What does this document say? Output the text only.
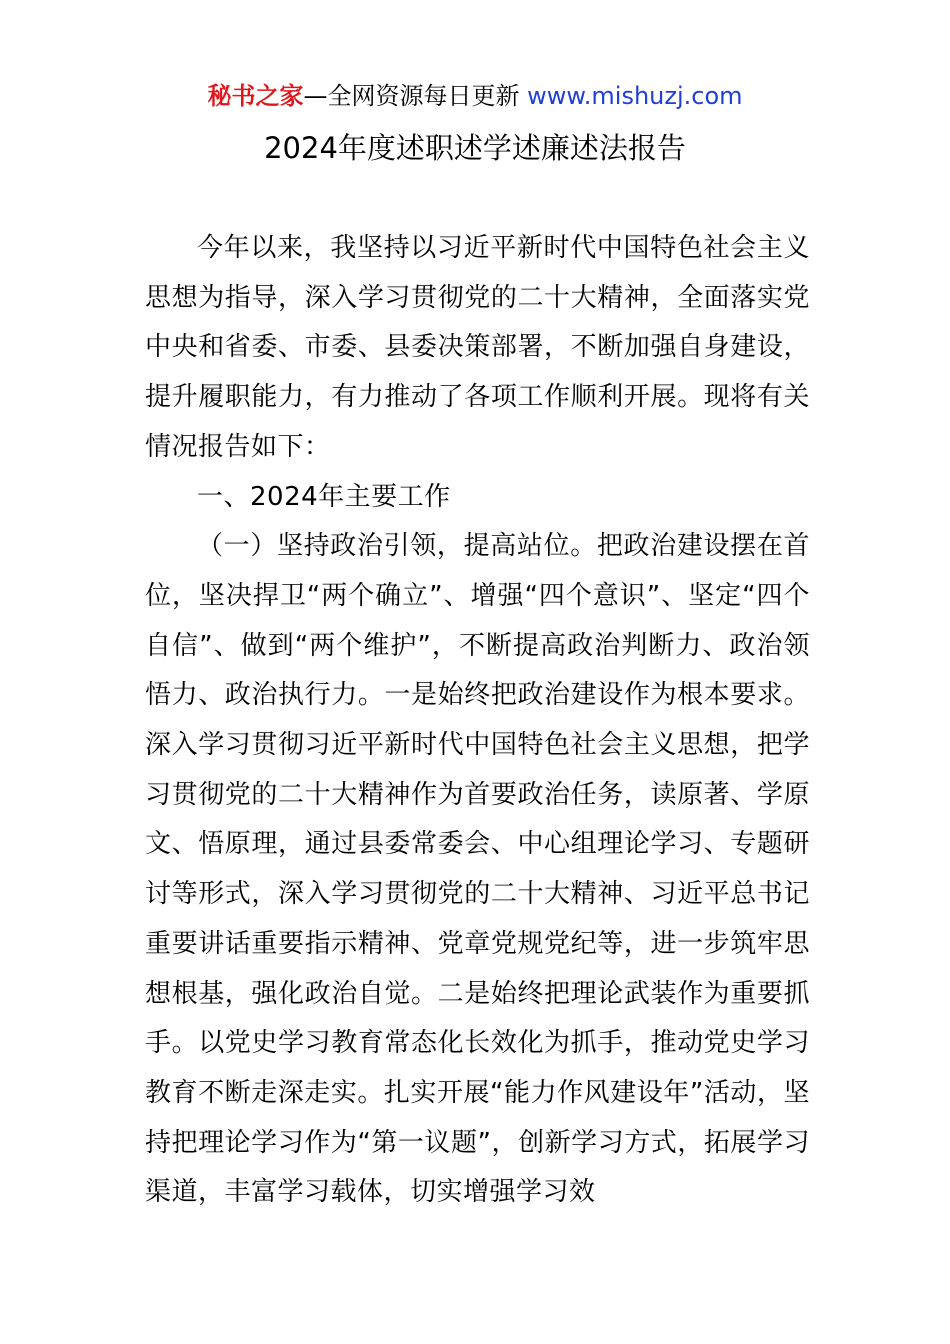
秘书之家—全网资源每日更新 www.mishuzj.com
2024年度述职述学述廉述法报告

今年以来，我坚持以习近平新时代中国特色社会主义思想为指导，深入学习贯彻党的二十大精神，全面落实党中央和省委、市委、县委决策部署，不断加强自身建设，提升履职能力，有力推动了各项工作顺利开展。现将有关情况报告如下：

一、2024年主要工作

（一）坚持政治引领，提高站位。把政治建设摆在首位，坚决捍卫“两个确立”、增强“四个意识”、坚定“四个自信”、做到“两个维护”，不断提高政治判断力、政治领悟力、政治执行力。一是始终把政治建设作为根本要求。深入学习贯彻习近平新时代中国特色社会主义思想，把学习贯彻党的二十大精神作为首要政治任务，读原著、学原文、悟原理，通过县委常委会、中心组理论学习、专题研讨等形式，深入学习贯彻党的二十大精神、习近平总书记重要讲话重要指示精神、党章党规党纪等，进一步筑牢思想根基，强化政治自觉。二是始终把理论武装作为重要抓手。以党史学习教育常态化长效化为抓手，推动党史学习教育不断走深走实。扎实开展“能力作风建设年”活动，坚持把理论学习作为“第一议题”，创新学习方式，拓展学习渠道，丰富学习载体，切实增强学习效
